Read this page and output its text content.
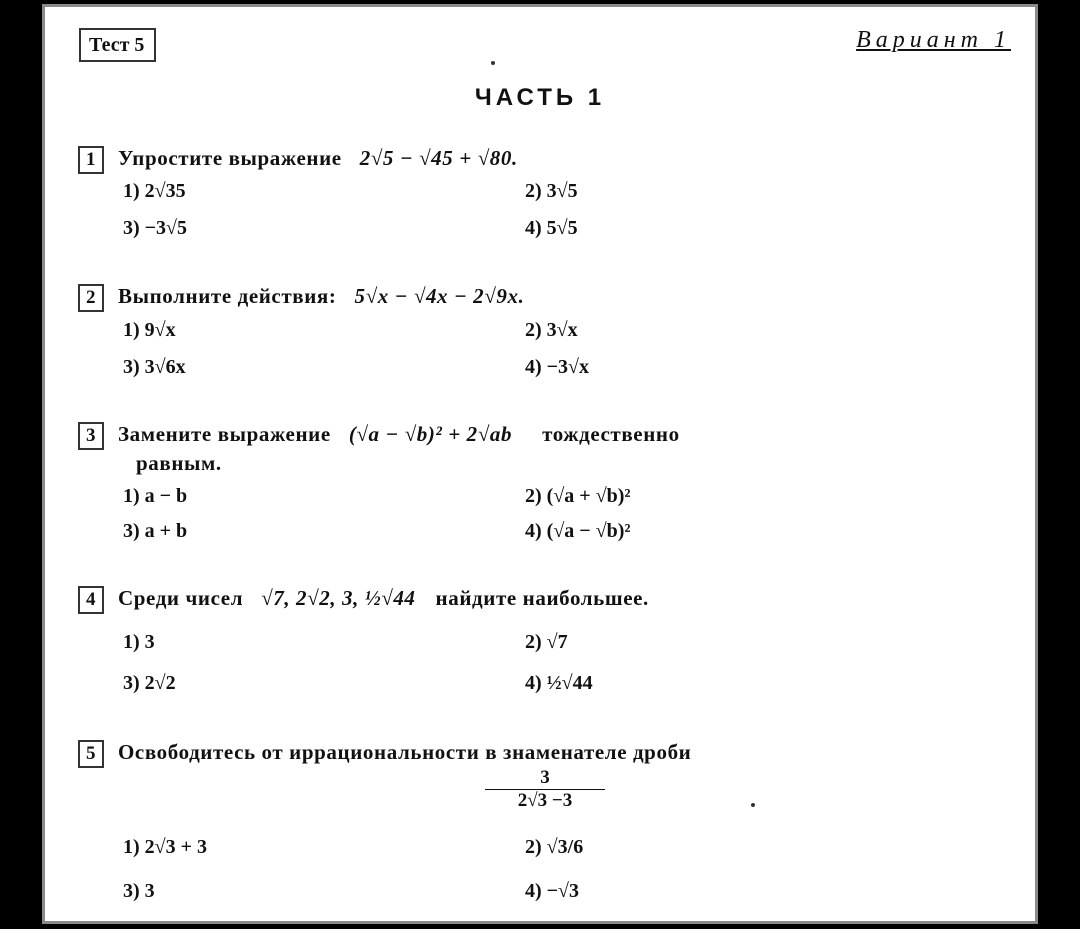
Тест 5	Вариант 1
ЧАСТЬ 1
1 Упростите выражение 2√5 − √45 + √80.
1) 2√35	2) 3√5
3) −3√5	4) 5√5
2 Выполните действия: 5√x − √4x − 2√9x.
1) 9√x	2) 3√x
3) 3√6x	4) −3√x
3 Замените выражение (√a − √b)² + 2√ab тождественно
равным.
1) a − b	2) (√a + √b)²
3) a + b	4) (√a − √b)²
4 Среди чисел √7, 2√2, 3, ½√44 найдите наибольшее.
1) 3	2) √7
3) 2√2	4) ½√44
5 Освободитесь от иррациональности в знаменателе дроби
$\frac{3}{2√3 -3}$
1) 2√3 + 3	2) √3/6
3) 3	4) −√3
